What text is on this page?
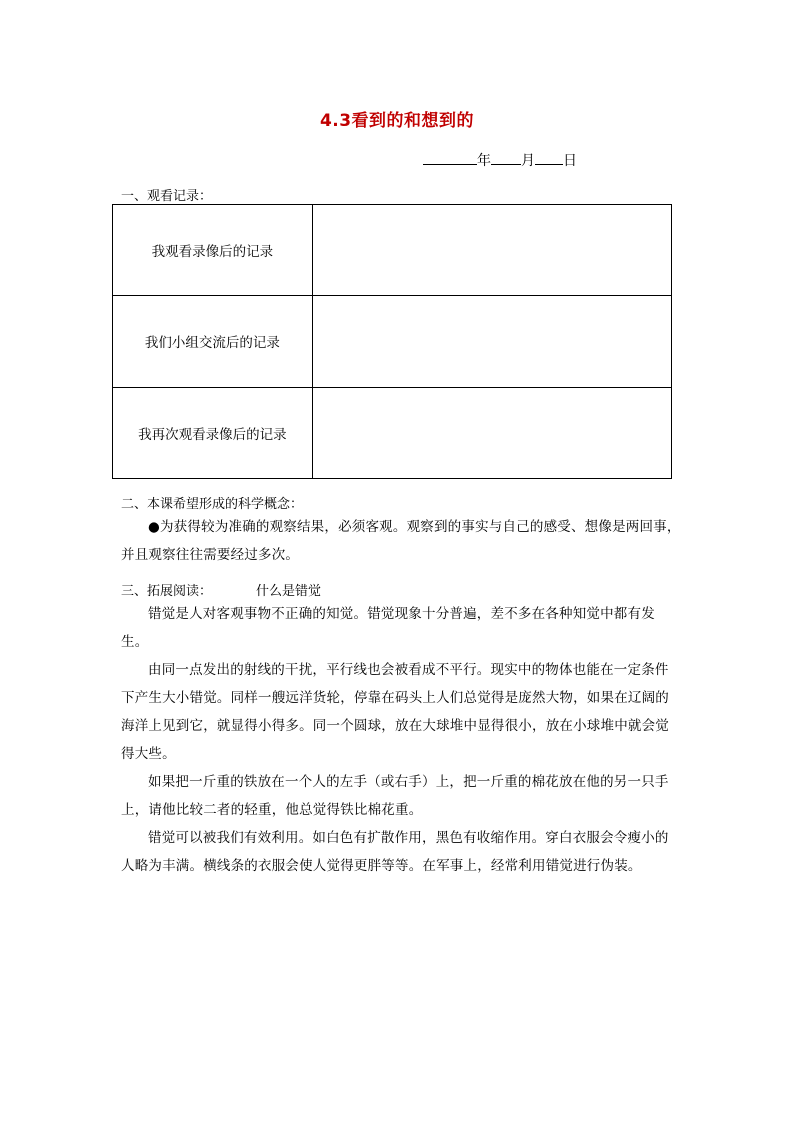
4.3看到的和想到的
年 月 日
一、观看记录：
我观看录像后的记录	
我们小组交流后的记录	
我再次观看录像后的记录	
二、本课希望形成的科学概念：

●为获得较为准确的观察结果，必须客观。观察到的事实与自己的感受、想像是两回事，并且观察往往需要经过多次。

三、拓展阅读：	什么是错觉

错觉是人对客观事物不正确的知觉。错觉现象十分普遍，差不多在各种知觉中都有发生。

由同一点发出的射线的干扰，平行线也会被看成不平行。现实中的物体也能在一定条件下产生大小错觉。同样一艘远洋货轮，停靠在码头上人们总觉得是庞然大物，如果在辽阔的海洋上见到它，就显得小得多。同一个圆球，放在大球堆中显得很小，放在小球堆中就会觉得大些。

如果把一斤重的铁放在一个人的左手（或右手）上，把一斤重的棉花放在他的另一只手上，请他比较二者的轻重，他总觉得铁比棉花重。

错觉可以被我们有效利用。如白色有扩散作用，黑色有收缩作用。穿白衣服会令瘦小的人略为丰满。横线条的衣服会使人觉得更胖等等。在军事上，经常利用错觉进行伪装。
